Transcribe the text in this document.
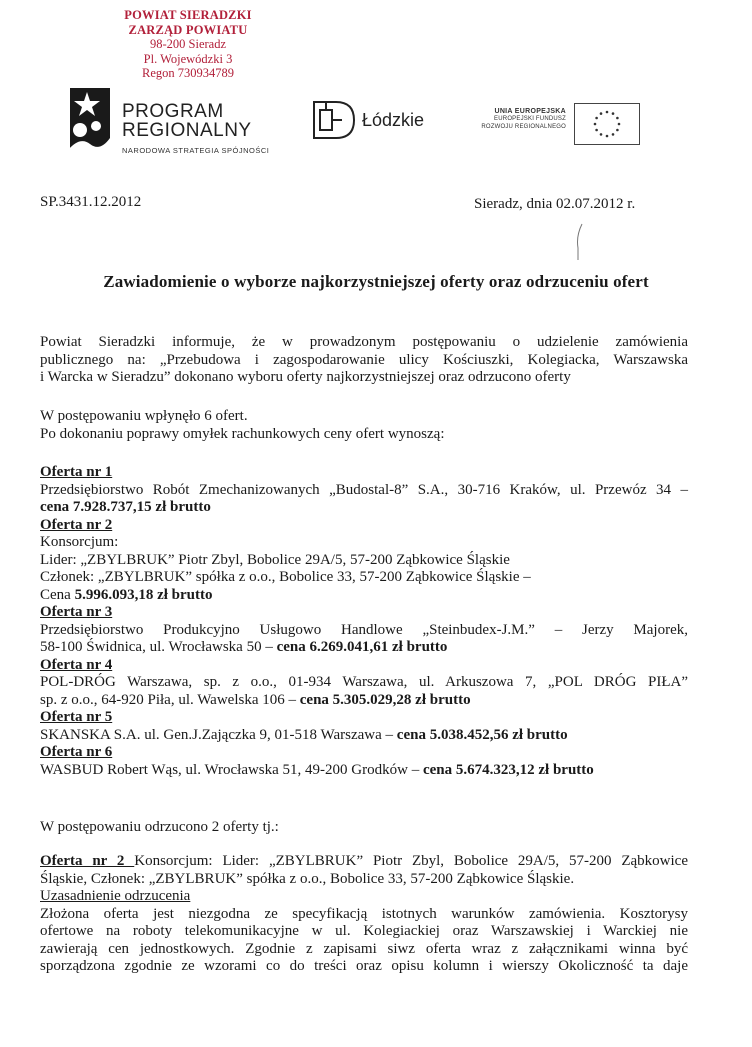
POWIAT SIERADZKI
ZARZĄD POWIATU
98-200 Sieradz
Pl. Wojewódzki 3
Regon 730934789
PROGRAM
REGIONALNY
NARODOWA STRATEGIA SPÓJNOŚCI
Łódzkie	UNIA EUROPEJSKA
EUROPEJSKI FUNDUSZ
ROZWOJU REGIONALNEGO
SP.3431.12.2012	Sieradz, dnia 02.07.2012 r.
Zawiadomienie o wyborze najkorzystniejszej oferty oraz odrzuceniu ofert
Powiat Sieradzki informuje, że w prowadzonym postępowaniu o udzielenie zamówienia
publicznego na: „Przebudowa i zagospodarowanie ulicy Kościuszki, Kolegiacka, Warszawska
i Warcka w Sieradzu” dokonano wyboru oferty najkorzystniejszej oraz odrzucono oferty
W postępowaniu wpłynęło 6 ofert.
Po dokonaniu poprawy omyłek rachunkowych ceny ofert wynoszą:
Oferta nr 1
Przedsiębiorstwo Robót Zmechanizowanych „Budostal-8” S.A., 30-716 Kraków, ul. Przewóz 34 –
cena 7.928.737,15 zł brutto
Oferta nr 2
Konsorcjum:
Lider: „ZBYLBRUK” Piotr Zbyl, Bobolice 29A/5, 57-200 Ząbkowice Śląskie
Członek: „ZBYLBRUK” spółka z o.o., Bobolice 33, 57-200 Ząbkowice Śląskie –
Cena 5.996.093,18 zł brutto
Oferta nr 3
Przedsiębiorstwo Produkcyjno Usługowo Handlowe „Steinbudex-J.M.” – Jerzy Majorek,
58-100 Świdnica, ul. Wrocławska 50 – cena 6.269.041,61 zł brutto
Oferta nr 4
POL-DRÓG Warszawa, sp. z o.o., 01-934 Warszawa, ul. Arkuszowa 7, „POL DRÓG PIŁA”
sp. z o.o., 64-920 Piła, ul. Wawelska 106 – cena 5.305.029,28 zł brutto
Oferta nr 5
SKANSKA S.A. ul. Gen.J.Zajączka 9, 01-518 Warszawa – cena 5.038.452,56 zł brutto
Oferta nr 6
WASBUD Robert Wąs, ul. Wrocławska 51, 49-200 Grodków – cena 5.674.323,12 zł brutto
W postępowaniu odrzucono 2 oferty tj.:
Oferta nr 2 Konsorcjum: Lider: „ZBYLBRUK” Piotr Zbyl, Bobolice 29A/5, 57-200 Ząbkowice
Śląskie, Członek: „ZBYLBRUK” spółka z o.o., Bobolice 33, 57-200 Ząbkowice Śląskie.
Uzasadnienie odrzucenia
Złożona oferta jest niezgodna ze specyfikacją istotnych warunków zamówienia. Kosztorysy
ofertowe na roboty telekomunikacyjne w ul. Kolegiackiej oraz Warszawskiej i Warckiej nie
zawierają cen jednostkowych. Zgodnie z zapisami siwz oferta wraz z załącznikami winna być
sporządzona zgodnie ze wzorami co do treści oraz opisu kolumn i wierszy Okoliczność ta daje
